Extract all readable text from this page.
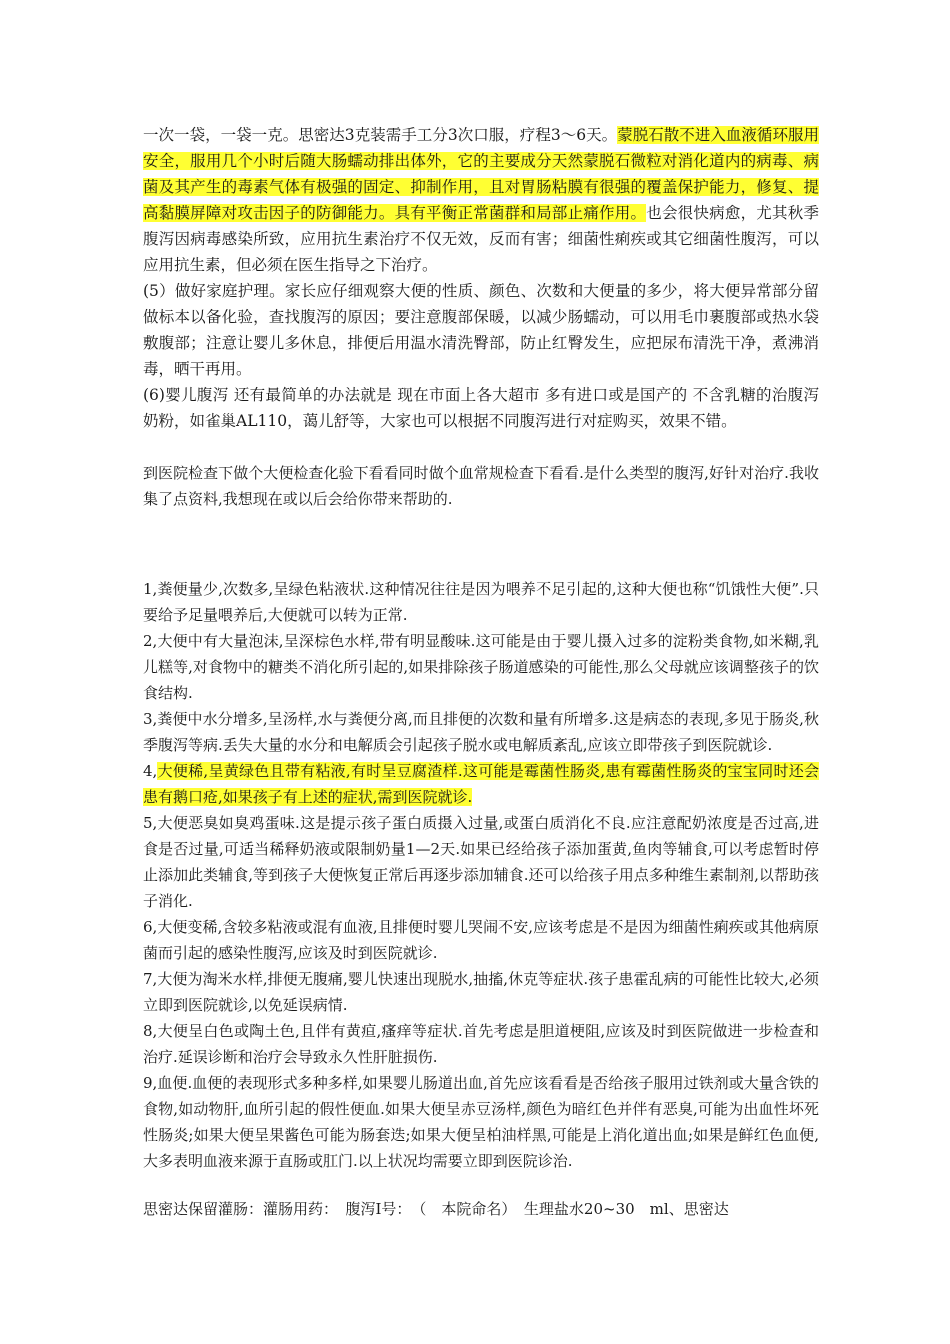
一次一袋，一袋一克。思密达3克装需手工分3次口服，疗程3～6天。蒙脱石散不进入血液循环服用安全，服用几个小时后随大肠蠕动排出体外，它的主要成分天然蒙脱石微粒对消化道内的病毒、病菌及其产生的毒素气体有极强的固定、抑制作用，且对胃肠粘膜有很强的覆盖保护能力，修复、提高黏膜屏障对攻击因子的防御能力。具有平衡正常菌群和局部止痛作用。也会很快病愈，尤其秋季腹泻因病毒感染所致，应用抗生素治疗不仅无效，反而有害；细菌性痢疾或其它细菌性腹泻，可以应用抗生素，但必须在医生指导之下治疗。

(5）做好家庭护理。家长应仔细观察大便的性质、颜色、次数和大便量的多少，将大便异常部分留做标本以备化验，查找腹泻的原因；要注意腹部保暖，以减少肠蠕动，可以用毛巾裹腹部或热水袋敷腹部；注意让婴儿多休息，排便后用温水清洗臀部，防止红臀发生，应把尿布清洗干净，煮沸消毒，晒干再用。

(6)婴儿腹泻 还有最简单的办法就是 现在市面上各大超市 多有进口或是国产的 不含乳糖的治腹泻奶粉，如雀巢AL110，蔼儿舒等，大家也可以根据不同腹泻进行对症购买，效果不错。

到医院检查下做个大便检查化验下看看同时做个血常规检查下看看.是什么类型的腹泻,好针对治疗.我收集了点资料,我想现在或以后会给你带来帮助的.

1,粪便量少,次数多,呈绿色粘液状.这种情况往往是因为喂养不足引起的,这种大便也称“饥饿性大便”.只要给予足量喂养后,大便就可以转为正常.

2,大便中有大量泡沫,呈深棕色水样,带有明显酸味.这可能是由于婴儿摄入过多的淀粉类食物,如米糊,乳儿糕等,对食物中的糖类不消化所引起的,如果排除孩子肠道感染的可能性,那么父母就应该调整孩子的饮食结构.

3,粪便中水分增多,呈汤样,水与粪便分离,而且排便的次数和量有所增多.这是病态的表现,多见于肠炎,秋季腹泻等病.丢失大量的水分和电解质会引起孩子脱水或电解质紊乱,应该立即带孩子到医院就诊.

4,大便稀,呈黄绿色且带有粘液,有时呈豆腐渣样.这可能是霉菌性肠炎,患有霉菌性肠炎的宝宝同时还会患有鹅口疮,如果孩子有上述的症状,需到医院就诊.

5,大便恶臭如臭鸡蛋味.这是提示孩子蛋白质摄入过量,或蛋白质消化不良.应注意配奶浓度是否过高,进食是否过量,可适当稀释奶液或限制奶量1—2天.如果已经给孩子添加蛋黄,鱼肉等辅食,可以考虑暂时停止添加此类辅食,等到孩子大便恢复正常后再逐步添加辅食.还可以给孩子用点多种维生素制剂,以帮助孩子消化.

6,大便变稀,含较多粘液或混有血液,且排便时婴儿哭闹不安,应该考虑是不是因为细菌性痢疾或其他病原菌而引起的感染性腹泻,应该及时到医院就诊.

7,大便为淘米水样,排便无腹痛,婴儿快速出现脱水,抽搐,休克等症状.孩子患霍乱病的可能性比较大,必须立即到医院就诊,以免延误病情.

8,大便呈白色或陶土色,且伴有黄疸,瘙痒等症状.首先考虑是胆道梗阻,应该及时到医院做进一步检查和治疗.延误诊断和治疗会导致永久性肝脏损伤.

9,血便.血便的表现形式多种多样,如果婴儿肠道出血,首先应该看看是否给孩子服用过铁剂或大量含铁的食物,如动物肝,血所引起的假性便血.如果大便呈赤豆汤样,颜色为暗红色并伴有恶臭,可能为出血性坏死性肠炎;如果大便呈果酱色可能为肠套迭;如果大便呈柏油样黑,可能是上消化道出血;如果是鲜红色血便,大多表明血液来源于直肠或肛门.以上状况均需要立即到医院诊治.

思密达保留灌肠：灌肠用药：　腹泻Ⅰ号：　（　本院命名）　生理盐水20~30　ml、思密达
